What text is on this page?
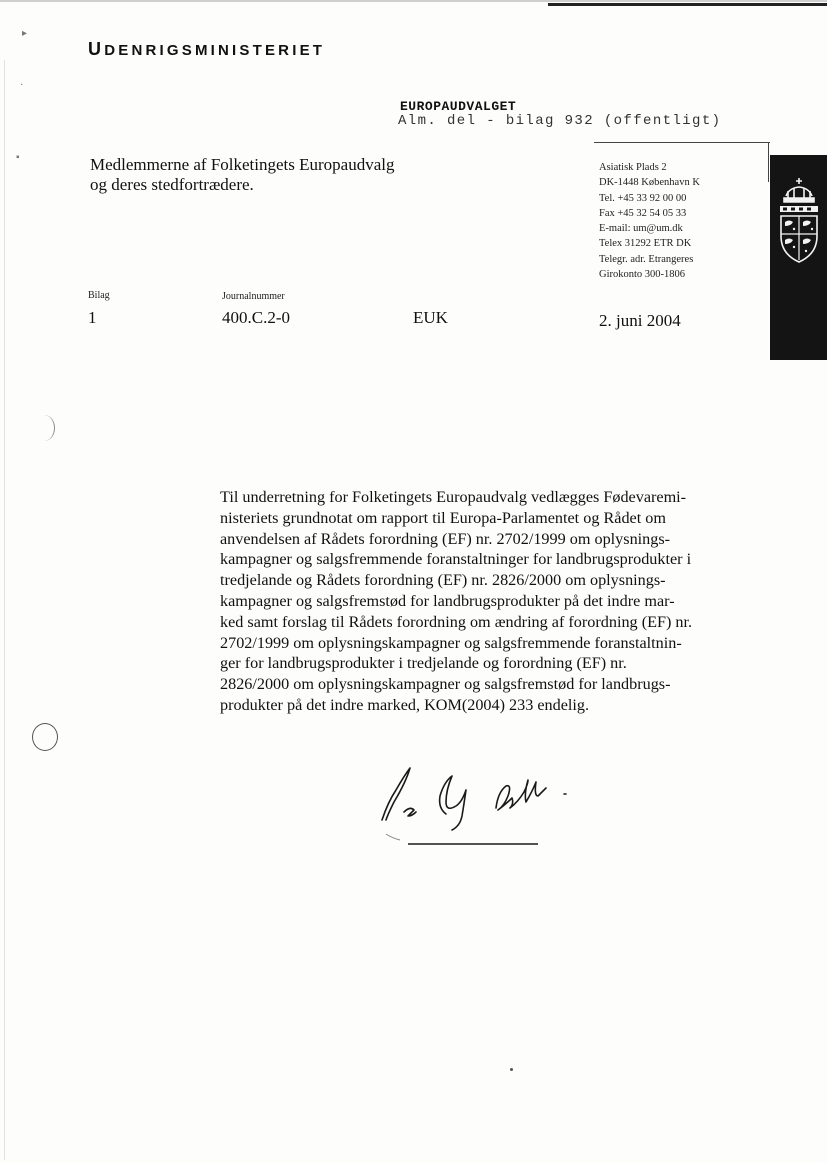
▸
·
▪
UDENRIGSMINISTERIET
EUROPAUDVALGET
Alm. del - bilag 932 (offentligt)
Medlemmerne af Folketingets Europaudvalg
og deres stedfortrædere.
Asiatisk Plads 2
DK-1448 København K
Tel. +45 33 92 00 00
Fax +45 32 54 05 33
E-mail: um@um.dk
Telex 31292 ETR DK
Telegr. adr. Etrangeres
Girokonto 300-1806
Bilag	Journalnummer
1	400.C.2-0	EUK	2. juni 2004
Til underretning for Folketingets Europaudvalg vedlægges Fødevaremi-
nisteriets grundnotat om rapport til Europa-Parlamentet og Rådet om
anvendelsen af Rådets forordning (EF) nr. 2702/1999 om oplysnings-
kampagner og salgsfremmende foranstaltninger for landbrugsprodukter i
tredjelande og Rådets forordning (EF) nr. 2826/2000 om oplysnings-
kampagner og salgsfremstød for landbrugsprodukter på det indre mar-
ked samt forslag til Rådets forordning om ændring af forordning (EF) nr.
2702/1999 om oplysningskampagner og salgsfremmende foranstaltnin-
ger for landbrugsprodukter i tredjelande og forordning (EF) nr.
2826/2000 om oplysningskampagner og salgsfremstød for landbrugs-
produkter på det indre marked, KOM(2004) 233 endelig.
